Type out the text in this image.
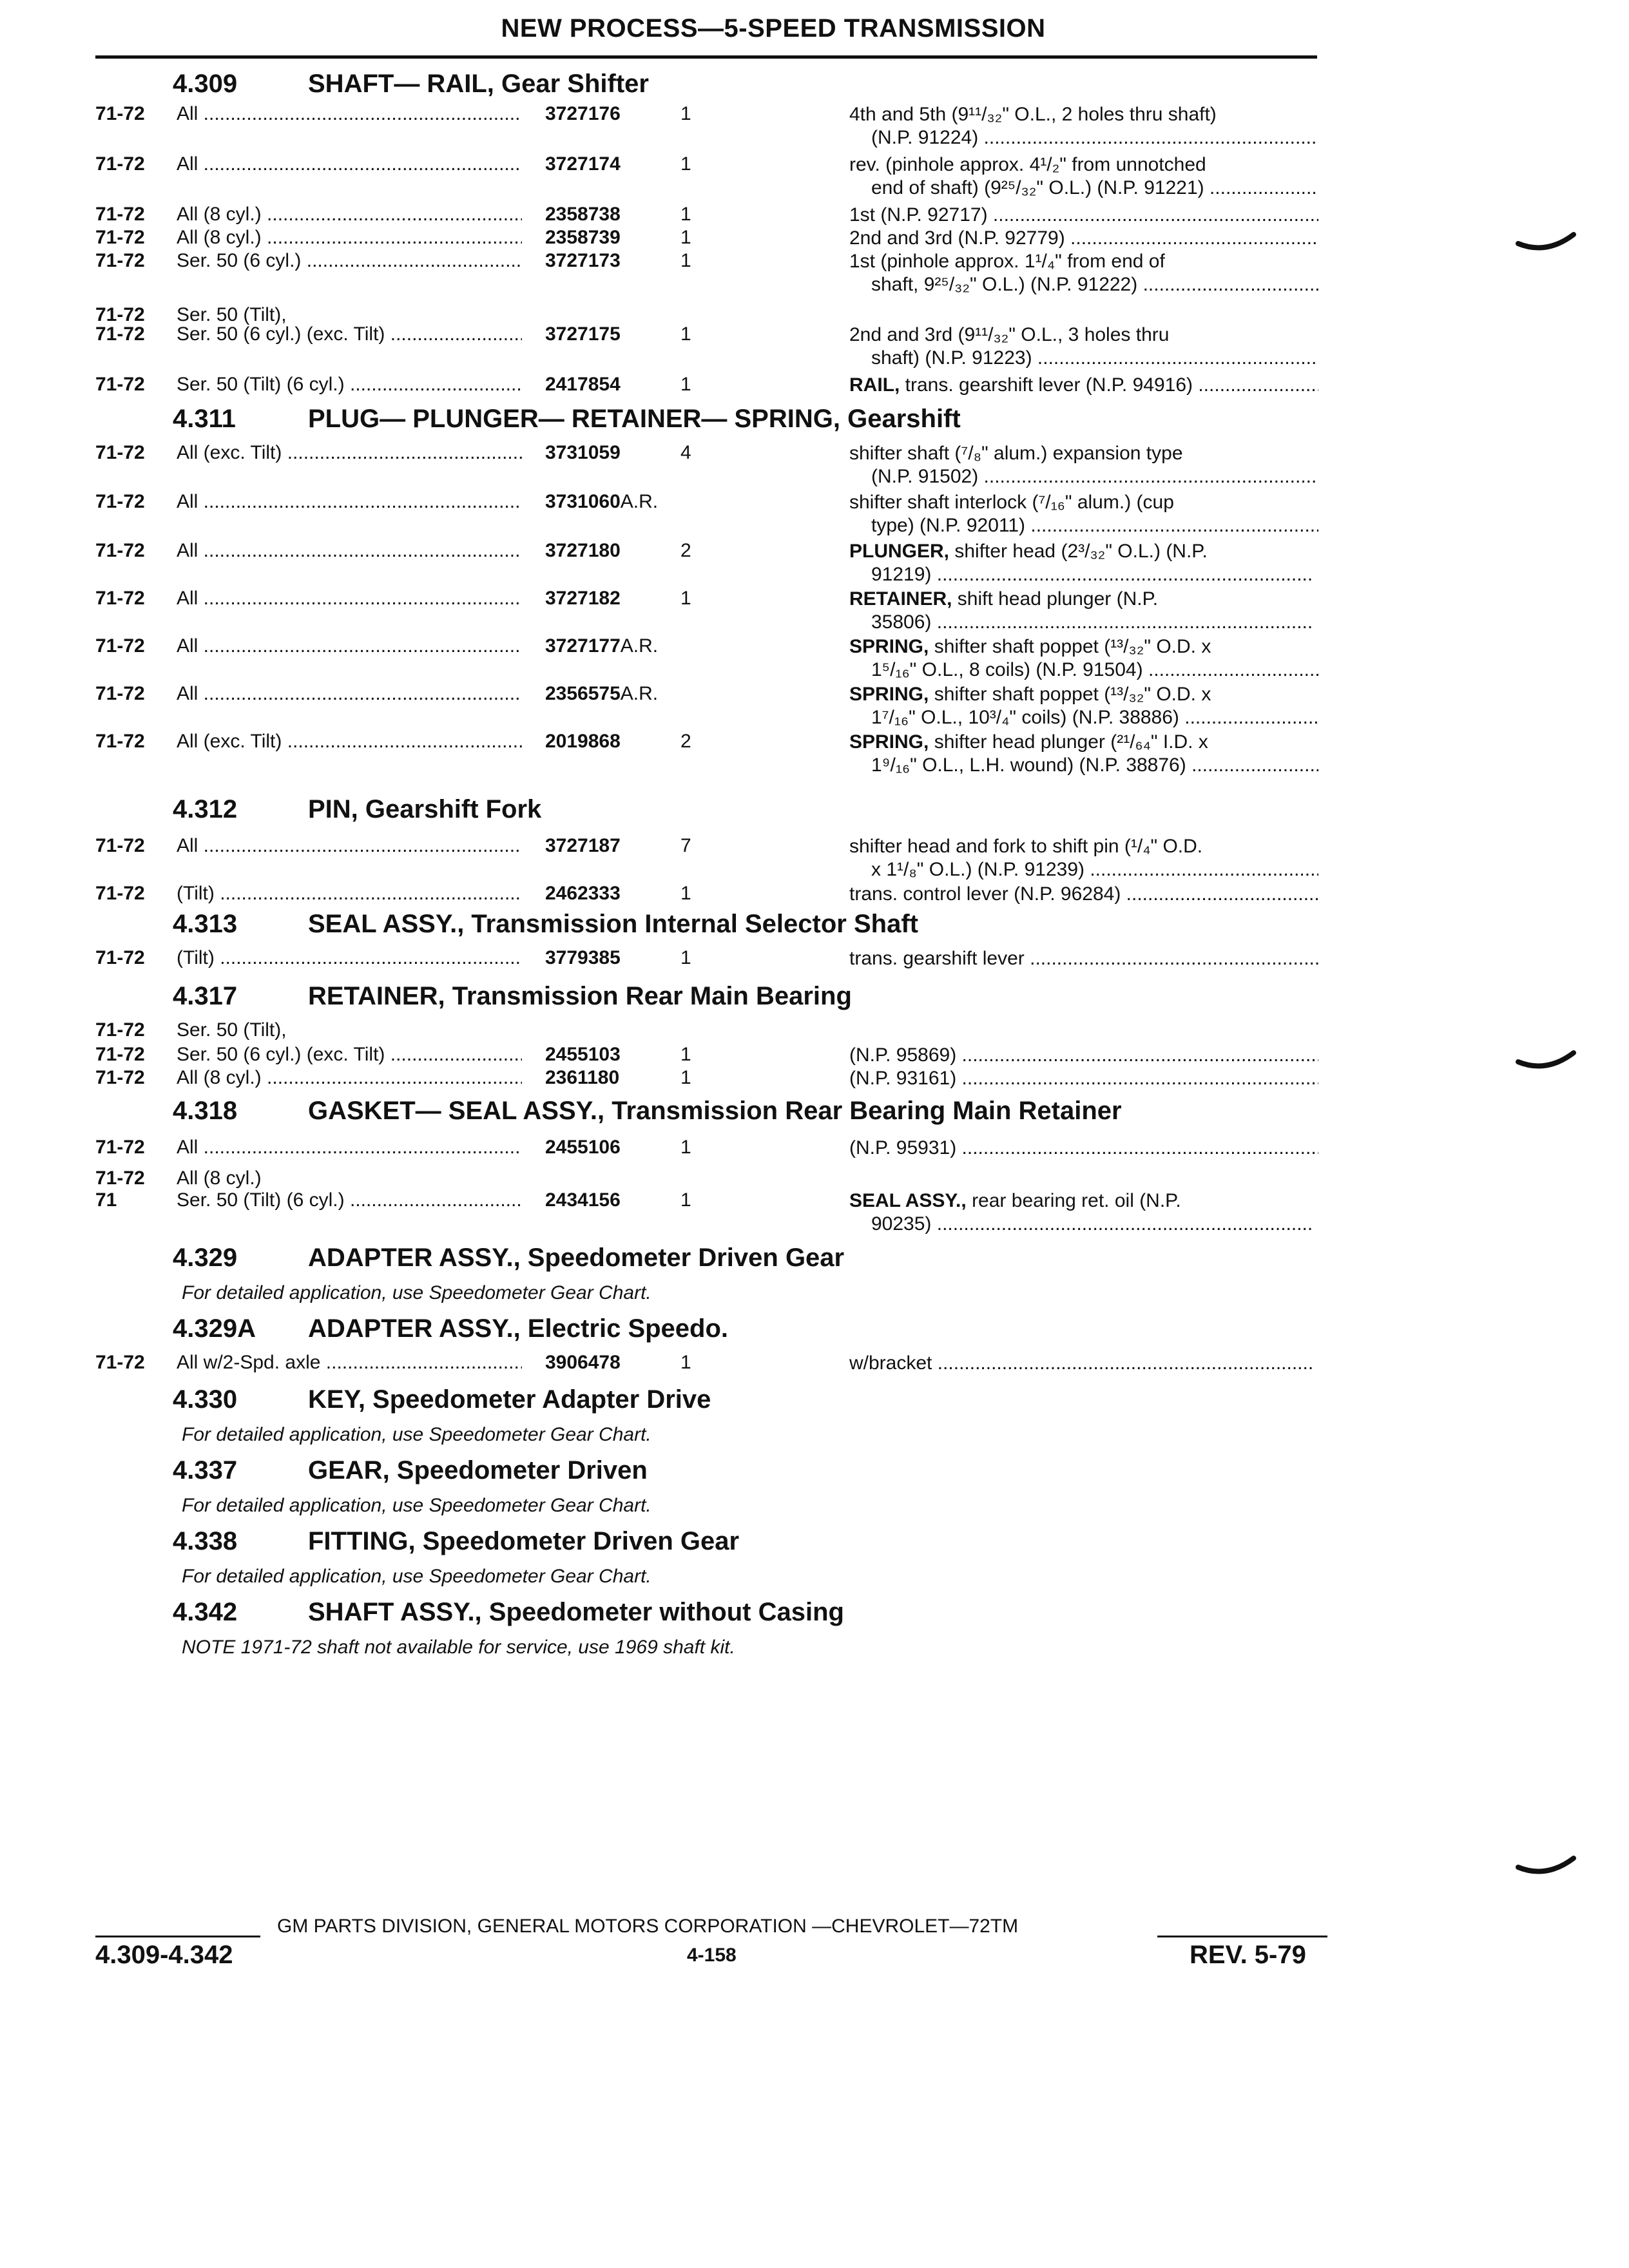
NEW PROCESS—5-SPEED TRANSMISSION
4.309	SHAFT— RAIL, Gear Shifter
71-72 All .....	3727176	1	4th and 5th (9¹¹/₃₂" O.L., 2 holes thru shaft)
(N.P. 91224) .....
71-72 All .....	3727174	1	rev. (pinhole approx. 4¹/₂" from unnotched
end of shaft) (9²⁵/₃₂" O.L.) (N.P. 91221) .....
71-72 All (8 cyl.) .....	2358738	1	1st (N.P. 92717) .....
71-72 All (8 cyl.) .....	2358739	1	2nd and 3rd (N.P. 92779) .....
71-72 Ser. 50 (6 cyl.) .....	3727173	1	1st (pinhole approx. 1¹/₄" from end of
shaft, 9²⁵/₃₂" O.L.) (N.P. 91222) .....
71-72 Ser. 50 (Tilt),
71-72 Ser. 50 (6 cyl.) (exc. Tilt) .....	3727175	1	2nd and 3rd (9¹¹/₃₂" O.L., 3 holes thru
shaft) (N.P. 91223) .....
71-72 Ser. 50 (Tilt) (6 cyl.) .....	2417854	1	RAIL, trans. gearshift lever (N.P. 94916) .....
4.311	PLUG— PLUNGER— RETAINER— SPRING, Gearshift
71-72 All (exc. Tilt) .....	3731059	4	shifter shaft (⁷/₈" alum.) expansion type
(N.P. 91502) .....
71-72 All .....	3731060A.R.	shifter shaft interlock (⁷/₁₆" alum.) (cup
type) (N.P. 92011) .....
71-72 All .....	3727180	2	PLUNGER, shifter head (2³/₃₂" O.L.) (N.P.
91219) .....
71-72 All .....	3727182	1	RETAINER, shift head plunger (N.P.
35806) .....
71-72 All .....	3727177A.R.	SPRING, shifter shaft poppet (¹³/₃₂" O.D. x
1⁵/₁₆" O.L., 8 coils) (N.P. 91504) .....
71-72 All .....	2356575A.R.	SPRING, shifter shaft poppet (¹³/₃₂" O.D. x
1⁷/₁₆" O.L., 10³/₄" coils) (N.P. 38886) .....
71-72 All (exc. Tilt) .....	2019868	2	SPRING, shifter head plunger (²¹/₆₄" I.D. x
1⁹/₁₆" O.L., L.H. wound) (N.P. 38876) .....
4.312	PIN, Gearshift Fork
71-72 All .....	3727187	7	shifter head and fork to shift pin (¹/₄" O.D.
x 1¹/₈" O.L.) (N.P. 91239) .....
71-72 (Tilt) .....	2462333	1	trans. control lever (N.P. 96284) .....
4.313	SEAL ASSY., Transmission Internal Selector Shaft
71-72 (Tilt) .....	3779385	1	trans. gearshift lever .....
4.317	RETAINER, Transmission Rear Main Bearing
71-72 Ser. 50 (Tilt),
71-72 Ser. 50 (6 cyl.) (exc. Tilt) .....	2455103	1	(N.P. 95869) .....
71-72 All (8 cyl.) .....	2361180	1	(N.P. 93161) .....
4.318	GASKET— SEAL ASSY., Transmission Rear Bearing Main Retainer
71-72 All .....	2455106	1	(N.P. 95931) .....
71-72 All (8 cyl.)
71	Ser. 50 (Tilt) (6 cyl.) .....	2434156	1	SEAL ASSY., rear bearing ret. oil (N.P.
90235) .....
4.329	ADAPTER ASSY., Speedometer Driven Gear
For detailed application, use Speedometer Gear Chart.
4.329A ADAPTER ASSY., Electric Speedo.
71-72 All w/2-Spd. axle .....	3906478	1	w/bracket .....
4.330	KEY, Speedometer Adapter Drive
For detailed application, use Speedometer Gear Chart.
4.337	GEAR, Speedometer Driven
For detailed application, use Speedometer Gear Chart.
4.338	FITTING, Speedometer Driven Gear
For detailed application, use Speedometer Gear Chart.
4.342	SHAFT ASSY., Speedometer without Casing
NOTE 1971-72 shaft not available for service, use 1969 shaft kit.
GM PARTS DIVISION, GENERAL MOTORS CORPORATION —CHEVROLET—72TM
4.309-4.342	4-158	REV. 5-79
